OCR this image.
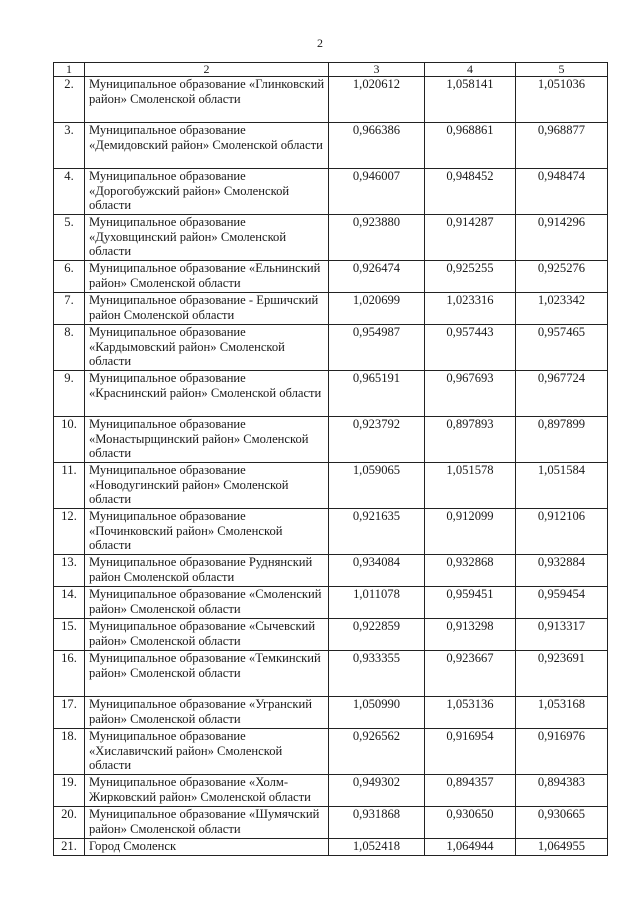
2
1	2	3	4	5
2.	Муниципальное образование «Глинковский район» Смоленской области	1,020612	1,058141	1,051036
3.	Муниципальное образование «Демидовский район» Смоленской области	0,966386	0,968861	0,968877
4.	Муниципальное образование «Дорогобужский район» Смоленской области	0,946007	0,948452	0,948474
5.	Муниципальное образование «Духовщинский район» Смоленской области	0,923880	0,914287	0,914296
6.	Муниципальное образование «Ельнинский район» Смоленской области	0,926474	0,925255	0,925276
7.	Муниципальное образование - Ершичский район Смоленской области	1,020699	1,023316	1,023342
8.	Муниципальное образование «Кардымовский район» Смоленской области	0,954987	0,957443	0,957465
9.	Муниципальное образование «Краснинский район» Смоленской области	0,965191	0,967693	0,967724
10.	Муниципальное образование «Монастырщинский район» Смоленской области	0,923792	0,897893	0,897899
11.	Муниципальное образование «Новодугинский район» Смоленской области	1,059065	1,051578	1,051584
12.	Муниципальное образование «Починковский район» Смоленской области	0,921635	0,912099	0,912106
13.	Муниципальное образование Руднянский район Смоленской области	0,934084	0,932868	0,932884
14.	Муниципальное образование «Смоленский район» Смоленской области	1,011078	0,959451	0,959454
15.	Муниципальное образование «Сычевский район» Смоленской области	0,922859	0,913298	0,913317
16.	Муниципальное образование «Темкинский район» Смоленской области	0,933355	0,923667	0,923691
17.	Муниципальное образование «Угранский район» Смоленской области	1,050990	1,053136	1,053168
18.	Муниципальное образование «Хиславичский район» Смоленской области	0,926562	0,916954	0,916976
19.	Муниципальное образование «Холм-Жирковский район» Смоленской области	0,949302	0,894357	0,894383
20.	Муниципальное образование «Шумячский район» Смоленской области	0,931868	0,930650	0,930665
21.	Город Смоленск	1,052418	1,064944	1,064955
